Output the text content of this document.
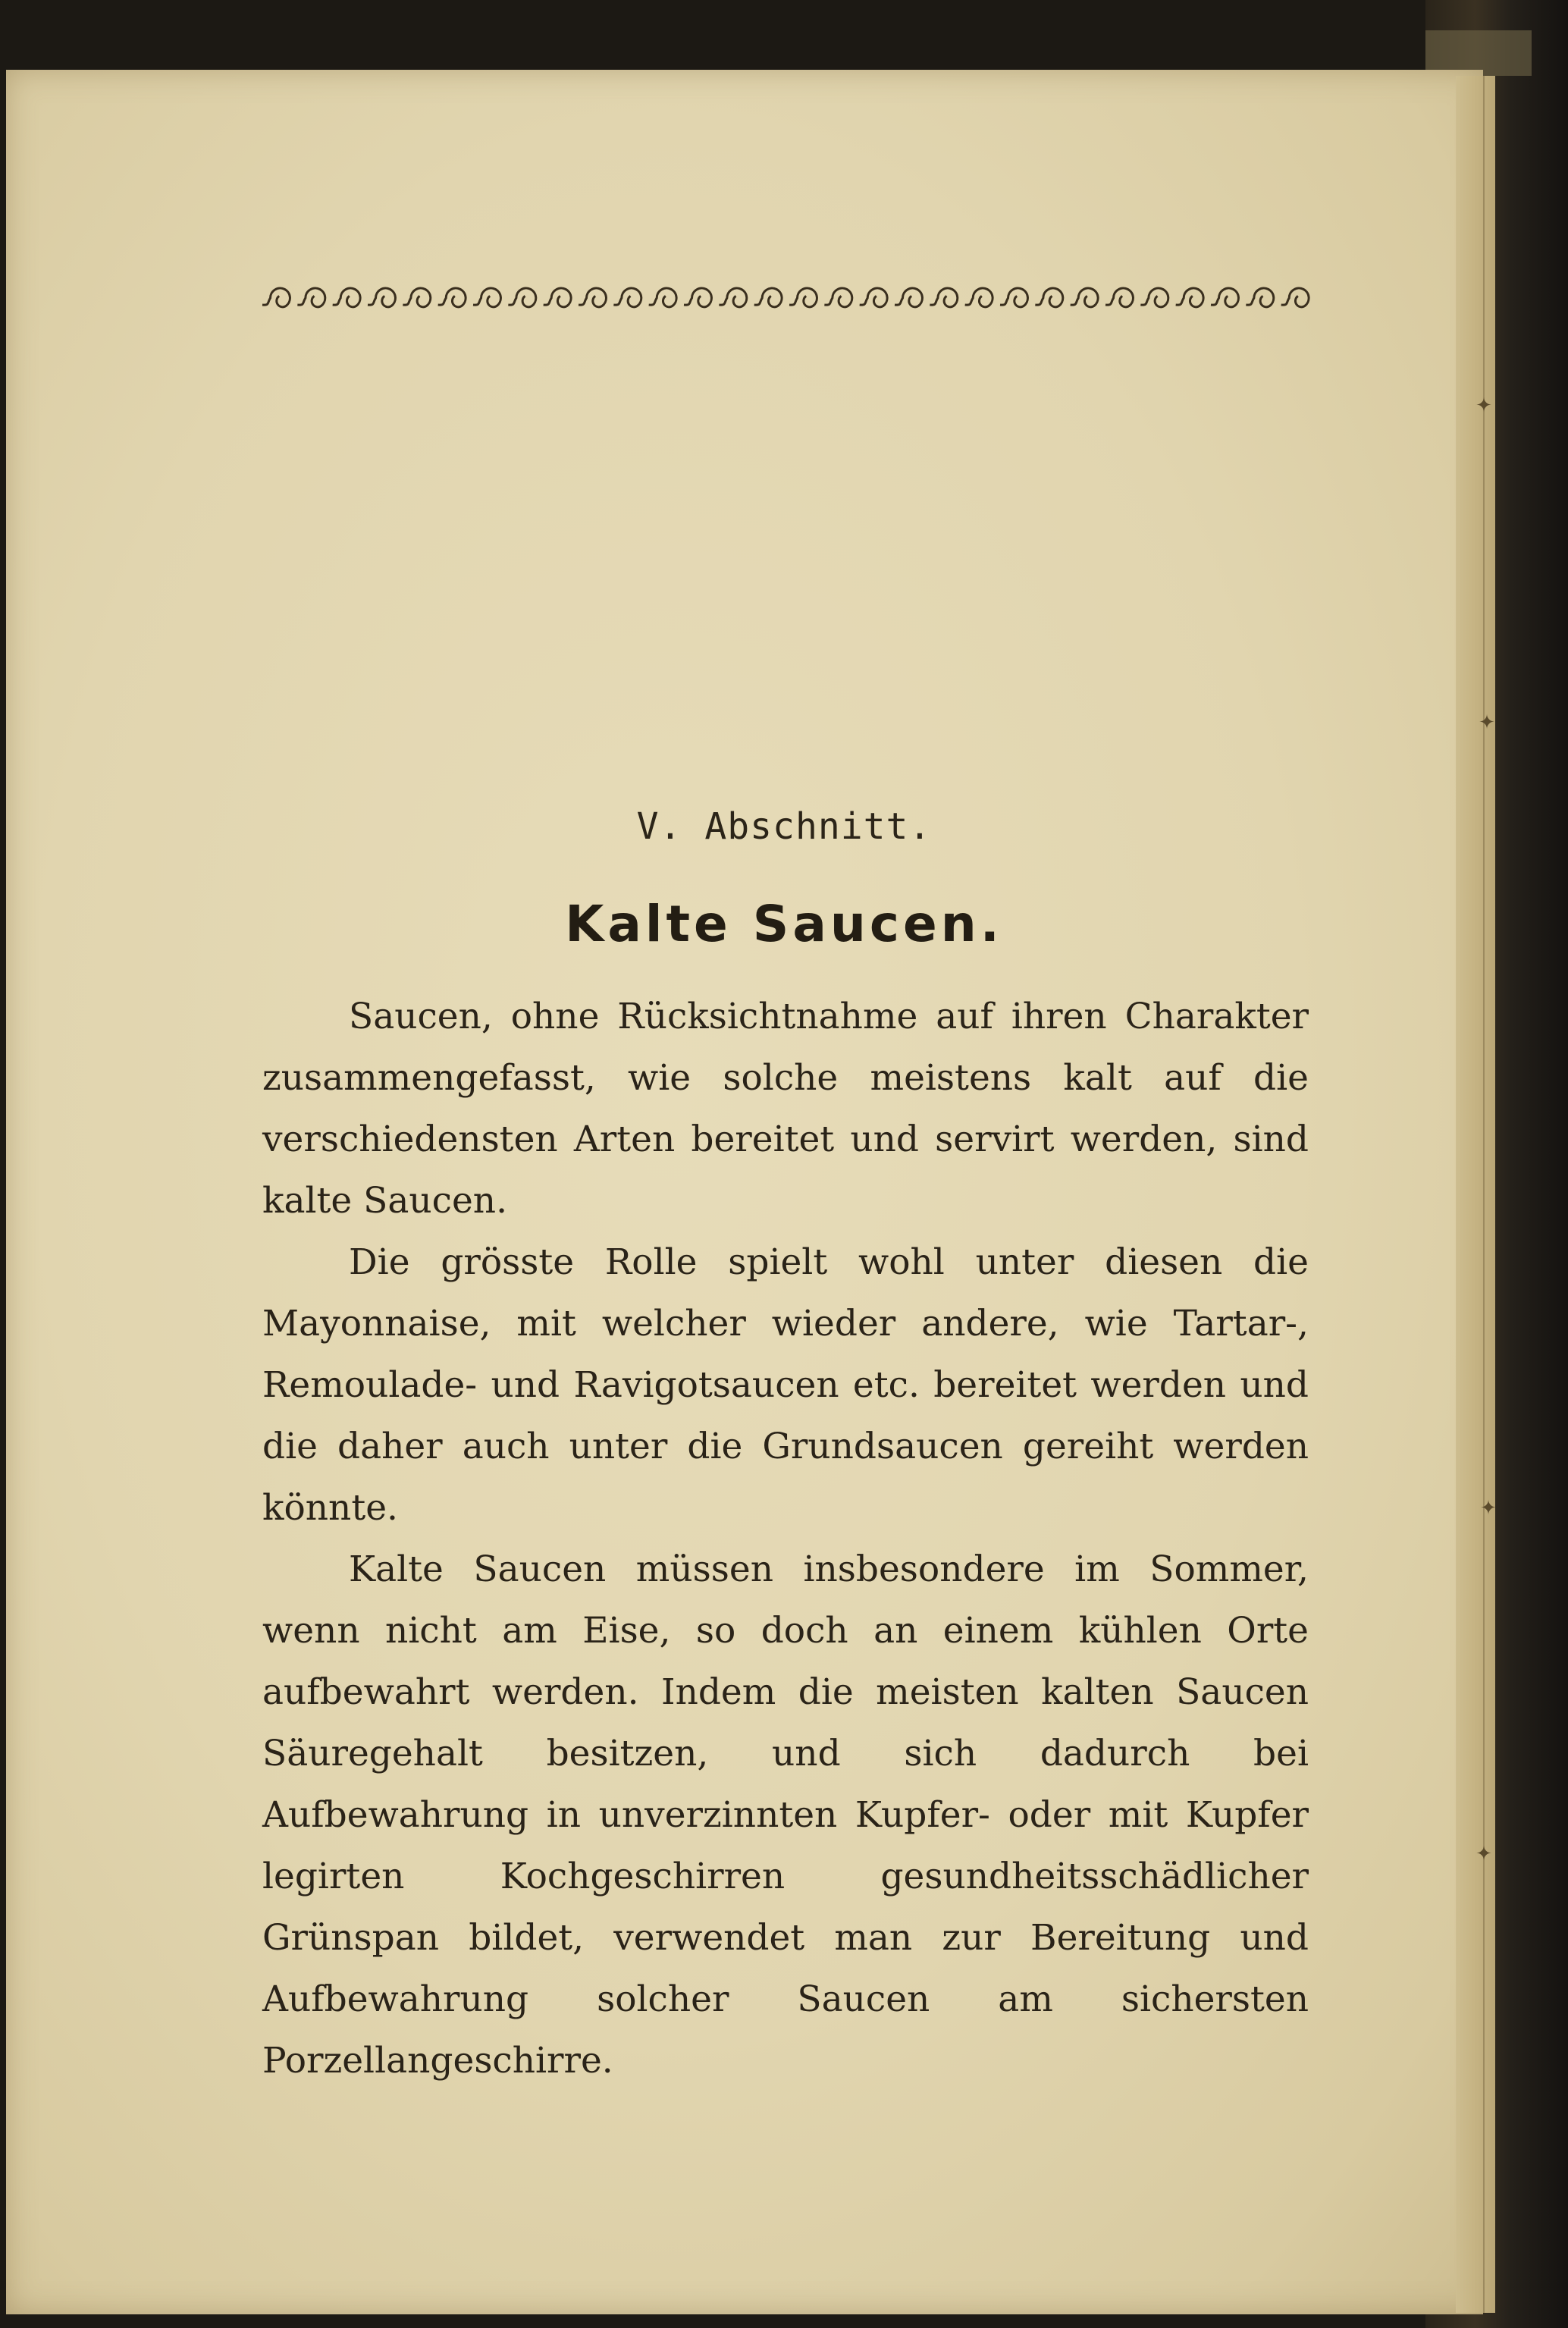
✦
✦
✦
✦
V. Abschnitt.
Kalte Saucen.

Saucen, ohne Rücksichtnahme auf ihren Charakter zusammengefasst, wie solche meistens kalt auf die verschiedensten Arten bereitet und servirt werden, sind kalte Saucen.

Die grösste Rolle spielt wohl unter diesen die Mayonnaise, mit welcher wieder andere, wie Tartar-, Remoulade- und Ravigotsaucen etc. bereitet werden und die daher auch unter die Grundsaucen gereiht werden könnte.

Kalte Saucen müssen insbesondere im Sommer, wenn nicht am Eise, so doch an einem kühlen Orte aufbewahrt werden. Indem die meisten kalten Saucen Säuregehalt besitzen, und sich dadurch bei Aufbewahrung in unverzinnten Kupfer- oder mit Kupfer legirten Kochgeschirren gesundheitsschädlicher Grünspan bildet, verwendet man zur Bereitung und Aufbewahrung solcher Saucen am sichersten Porzellangeschirre.
